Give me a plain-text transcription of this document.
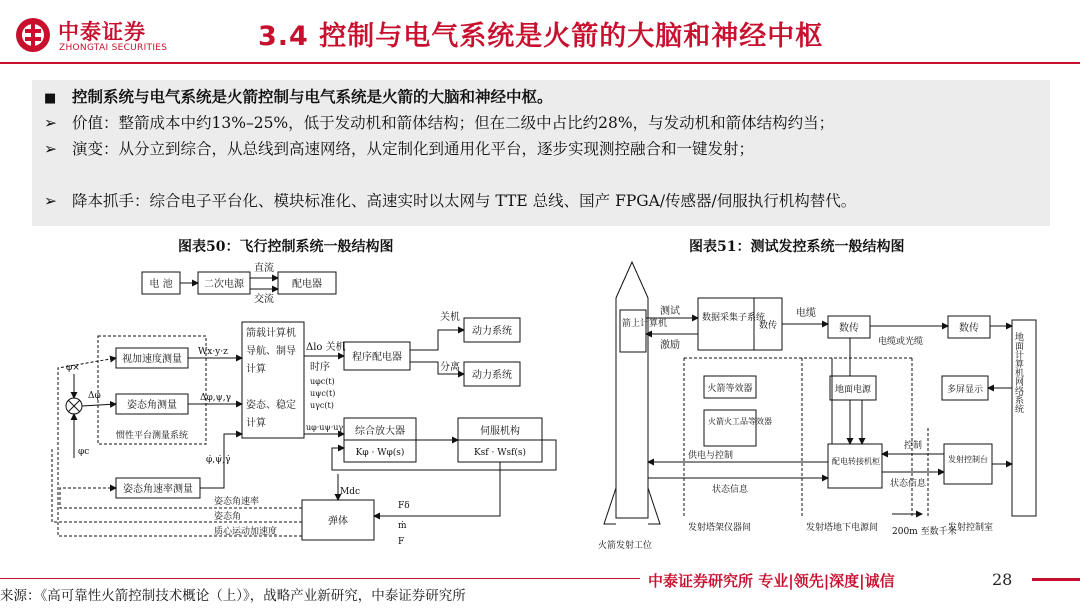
中泰证券
ZHONGTAI SECURITIES	3.4 控制与电气系统是火箭的大脑和神经中枢
■ 控制系统与电气系统是火箭控制与电气系统是火箭的大脑和神经中枢。
➢ 价值：整箭成本中约13%–25%，低于发动机和箭体结构；但在二级中占比约28%，与发动机和箭体结构约当；
➢ 演变：从分立到综合，从总线到高速网络，从定制化到通用化平台，逐步实现测控融合和一键发射；
➢ 降本抓手：综合电子平台化、模块标准化、高速实时以太网与 TTE 总线、国产 FPGA/传感器/伺服执行机构替代。
图表50：飞行控制系统一般结构图	图表51：测试发控系统一般结构图
电 池	二次电源
直流
交流
配电器
箭载计算机
导航、制导
计算
姿态、稳定
计算
Δlo 关机
时序
程序配电器
关机
分离
动力系统
动力系统
Wx·y·z
Δφ,ψ,γ
φ̇,ψ̇,γ̇
uφc(t)
uψc(t)
uγc(t)
uφ·uψ·uγ 综合放大器
Kφ · Wφ(s)
伺服机构
Ksf · Wsf(s)
视加速度测量
姿态角测量
惯性平台测量系统
姿态角速率测量
φ×
Δφ
φc
弹体
Mdc
Fδ
ṁ
F
姿态角速率
姿态角
质心运动加速度
箭上计算机
测试
激励
数据采集子系统
数传
电缆
数传
电缆或光缆
数传
地面计算机网络系统
多屏显示
地面电源
火箭等效器
火箭火工品等效器
供电与控制
状态信息
配电转接机柜
控制
状态信息
发射控制台
200m 至数千米
发射塔架仪器间	发射塔地下电源间	发射控制室
火箭发射工位
中泰证券研究所 专业|领先|深度|诚信	28
来源：《高可靠性火箭控制技术概论（上）》，战略产业新研究，中泰证券研究所
